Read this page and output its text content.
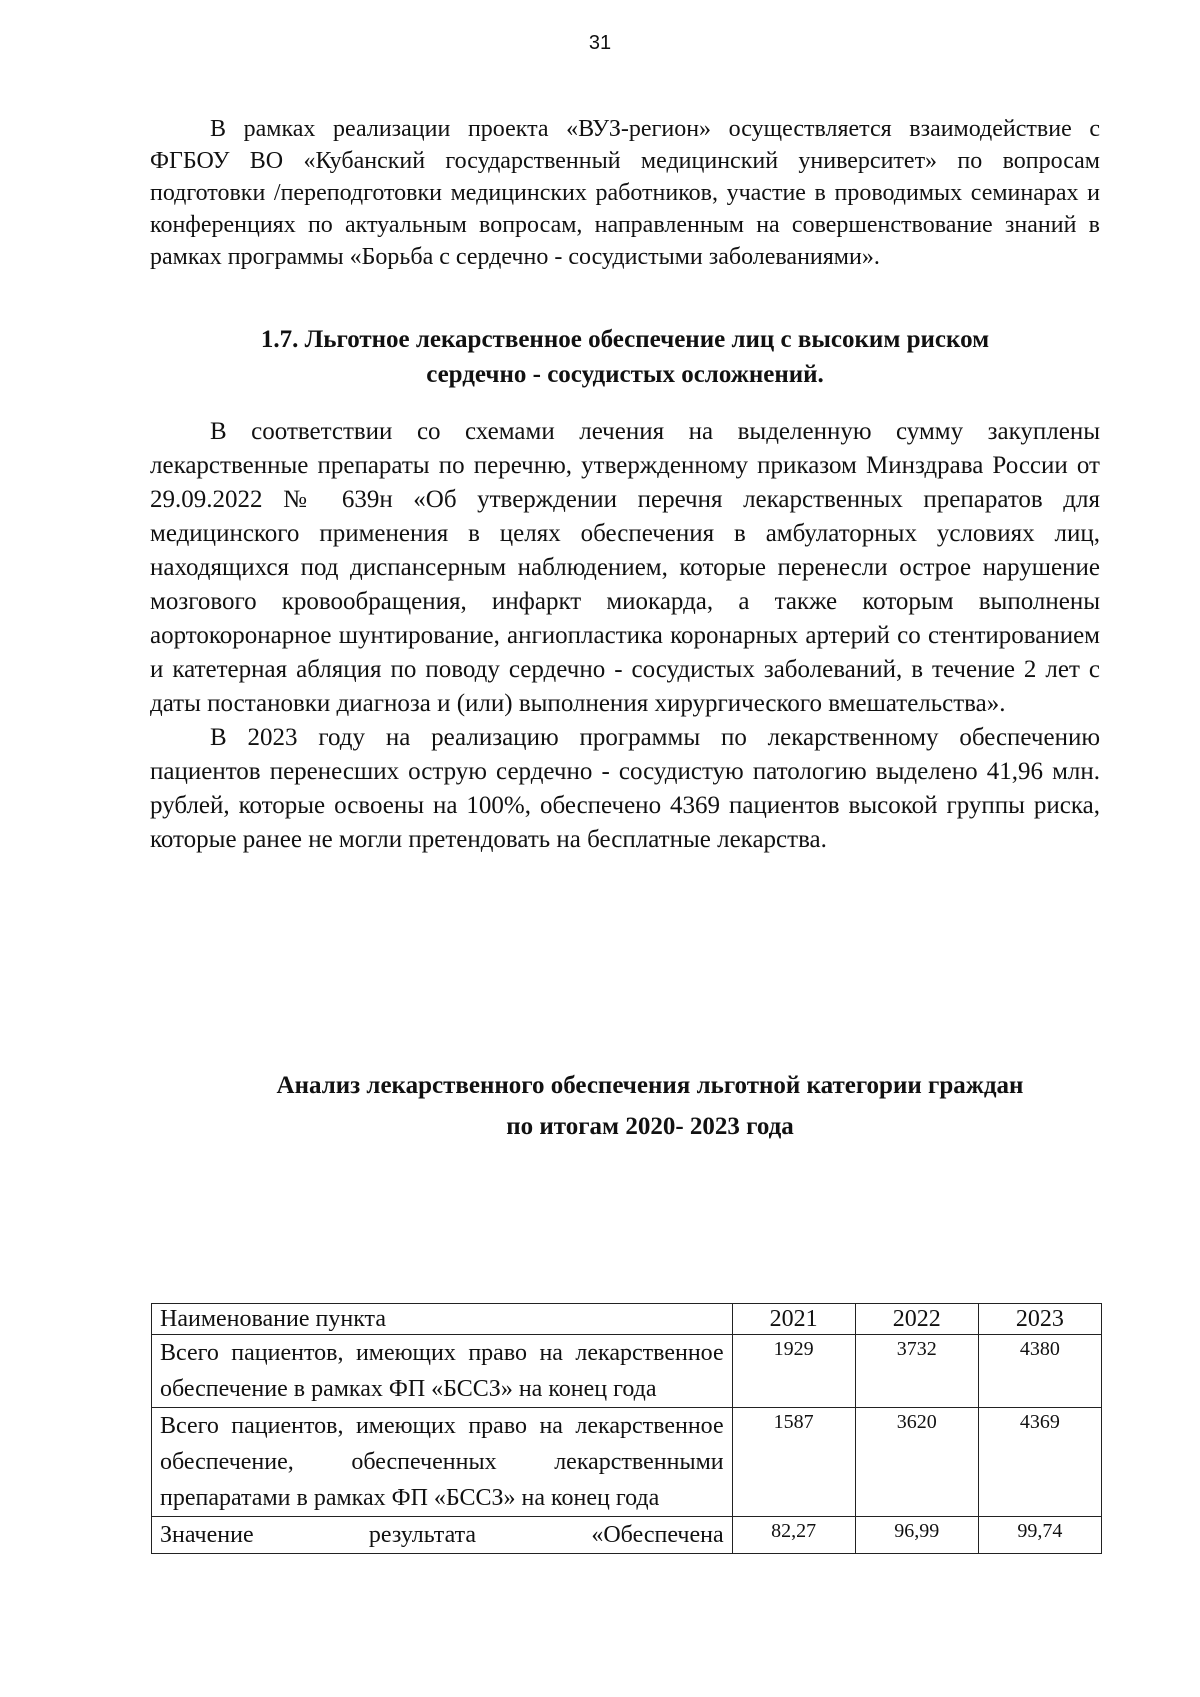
31

В рамках реализации проекта «ВУЗ-регион» осуществляется взаимодействие с ФГБОУ ВО «Кубанский государственный медицинский университет» по вопросам подготовки /переподготовки медицинских работников, участие в проводимых семинарах и конференциях по актуальным вопросам, направленным на совершенствование знаний в рамках программы «Борьба с сердечно - сосудистыми заболеваниями».

1.7. Льготное лекарственное обеспечение лиц с высоким риском
сердечно - сосудистых осложнений.

В соответствии со схемами лечения на выделенную сумму закуплены лекарственные препараты по перечню, утвержденному приказом Минздрава России от 29.09.2022 № 639н «Об утверждении перечня лекарственных препаратов для медицинского применения в целях обеспечения в амбулаторных условиях лиц, находящихся под диспансерным наблюдением, которые перенесли острое нарушение мозгового кровообращения, инфаркт миокарда, а также которым выполнены аортокоронарное шунтирование, ангиопластика коронарных артерий со стентированием и катетерная абляция по поводу сердечно - сосудистых заболеваний, в течение 2 лет с даты постановки диагноза и (или) выполнения хирургического вмешательства».

В 2023 году на реализацию программы по лекарственному обеспечению пациентов перенесших острую сердечно - сосудистую патологию выделено 41,96 млн. рублей, которые освоены на 100%, обеспечено 4369 пациентов высокой группы риска, которые ранее не могли претендовать на бесплатные лекарства.

Анализ лекарственного обеспечения льготной категории граждан
по итогам 2020- 2023 года
Наименование пункта	2021	2022	2023
Всего пациентов, имеющих право на лекарственное обеспечение в рамках ФП «БССЗ» на конец года	1929	3732	4380
Всего пациентов, имеющих право на лекарственное обеспечение, обеспеченных лекарственными препаратами в рамках ФП «БССЗ» на конец года	1587	3620	4369
Значение результата «Обеспечена	82,27	96,99	99,74
